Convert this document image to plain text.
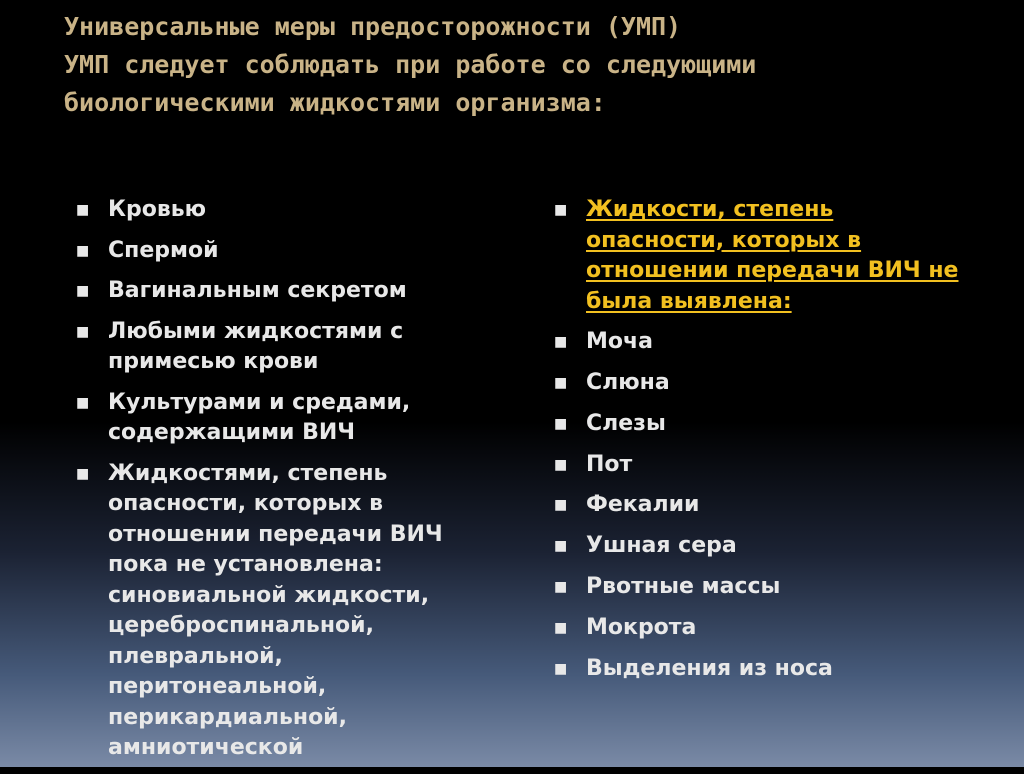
Универсальные меры предосторожности (УМП)
УМП следует соблюдать при работе со следующими
биологическими жидкостями организма:
■ Кровью
■ Спермой
■ Вагинальным секретом
■ Любыми жидкостями с
примесью крови
■ Культурами и средами,
содержащими ВИЧ
■ Жидкостями, степень
опасности, которых в
отношении передачи ВИЧ
пока не установлена:
синовиальной жидкости,
цереброспинальной,
плевральной,
перитонеальной,
перикардиальной,
амниотической
■ Жидкости, степень
опасности, которых в
отношении передачи ВИЧ не
была выявлена:
■ Моча
■ Слюна
■ Слезы
■ Пот
■ Фекалии
■ Ушная сера
■ Рвотные массы
■ Мокрота
■ Выделения из носа
